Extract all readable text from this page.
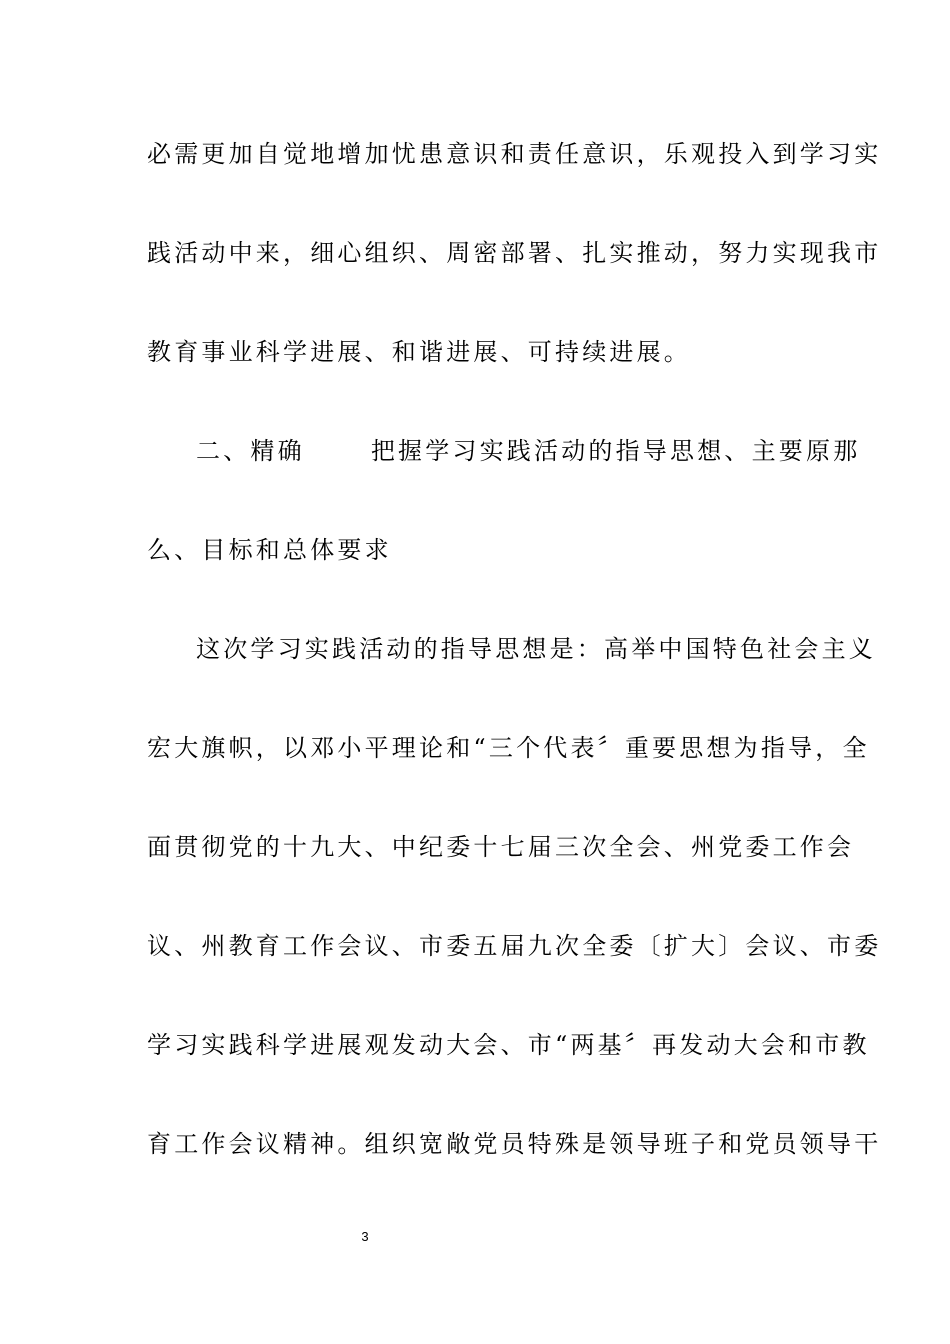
必需更加自觉地增加忧患意识和责任意识，乐观投入到学习实
践活动中来，细心组织、周密部署、扎实推动，努力实现我市
教育事业科学进展、和谐进展、可持续进展。
二、精确	把握学习实践活动的指导思想、主要原那
么、目标和总体要求
这次学习实践活动的指导思想是：高举中国特色社会主义
宏大旗帜，以邓小平理论和“三个代表〞重要思想为指导，全
面贯彻党的十九大、中纪委十七届三次全会、州党委工作会
议、州教育工作会议、市委五届九次全委〔扩大〕会议、市委
学习实践科学进展观发动大会、市“两基〞再发动大会和市教
育工作会议精神。组织宽敞党员特殊是领导班子和党员领导干
3
